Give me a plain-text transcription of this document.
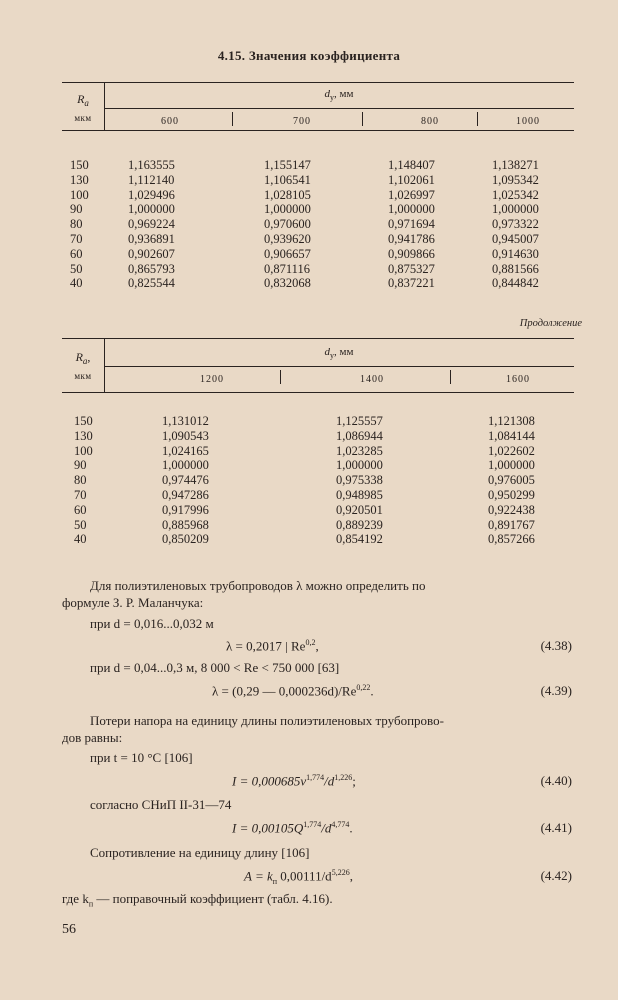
4.15. Значения коэффициента
$R_а$
мкм
$d_у$, мм
600	700	800	1000
150	1,163555	1,155147	1,148407	1,138271
130	1,112140	1,106541	1,102061	1,095342
100	1,029496	1,028105	1,026997	1,025342
90	1,000000	1,000000	1,000000	1,000000
80	0,969224	0,970600	0,971694	0,973322
70	0,936891	0,939620	0,941786	0,945007
60	0,902607	0,906657	0,909866	0,914630
50	0,865793	0,871116	0,875327	0,881566
40	0,825544	0,832068	0,837221	0,844842
Продолжение
$R_а$,
мкм
$d_у$, мм
1200	1400	1600
150	1,131012	1,125557	1,121308
130	1,090543	1,086944	1,084144
100	1,024165	1,023285	1,022602
90	1,000000	1,000000	1,000000
80	0,974476	0,975338	0,976005
70	0,947286	0,948985	0,950299
60	0,917996	0,920501	0,922438
50	0,885968	0,889239	0,891767
40	0,850209	0,854192	0,857266
Для полиэтиленовых трубопроводов λ можно определить по
формуле З. Р. Маланчука:
при d = 0,016...0,032 м
λ = 0,2017 | Re$^{0,2}$,	(4.38)
при d = 0,04...0,3 м, 8 000 < Re < 750 000 [63]
λ = (0,29 — 0,000236d)/Re$^{0,22}$.	(4.39)
Потери напора на единицу длины полиэтиленовых трубопрово-
дов равны:
при t = 10 °C [106]
$I = 0,000685v^{1,774}/d^{1,226}$;	(4.40)
согласно СНиП II-31—74
$I = 0,00105Q^{1,774}/d^{4,774}$.	(4.41)
Сопротивление на единицу длину [106]
$A = k_п$ $0,00111/d^{5,226}$,	(4.42)
где $k_п$ — поправочный коэффициент (табл. 4.16).
56
